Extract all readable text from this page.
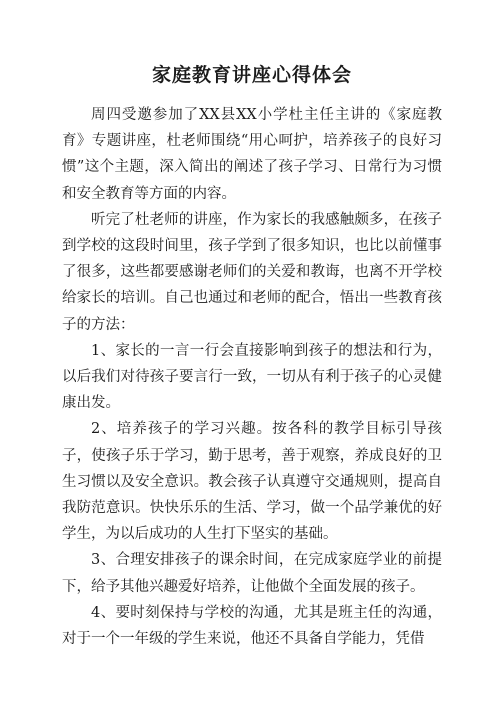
家庭教育讲座心得体会

周四受邀参加了XX县XX小学杜主任主讲的《家庭教育》专题讲座，杜老师围绕“用心呵护，培养孩子的良好习惯”这个主题，深入简出的阐述了孩子学习、日常行为习惯和安全教育等方面的内容。

听完了杜老师的讲座，作为家长的我感触颇多，在孩子到学校的这段时间里，孩子学到了很多知识，也比以前懂事了很多，这些都要感谢老师们的关爱和教诲，也离不开学校给家长的培训。自己也通过和老师的配合，悟出一些教育孩子的方法：

1、家长的一言一行会直接影响到孩子的想法和行为，以后我们对待孩子要言行一致，一切从有利于孩子的心灵健康出发。

2、培养孩子的学习兴趣。按各科的教学目标引导孩子，使孩子乐于学习，勤于思考，善于观察，养成良好的卫生习惯以及安全意识。教会孩子认真遵守交通规则，提高自我防范意识。快快乐乐的生活、学习，做一个品学兼优的好学生，为以后成功的人生打下坚实的基础。

3、合理安排孩子的课余时间，在完成家庭学业的前提下，给予其他兴趣爱好培养，让他做个全面发展的孩子。

4、要时刻保持与学校的沟通，尤其是班主任的沟通，对于一个一年级的学生来说，他还不具备自学能力，凭借
